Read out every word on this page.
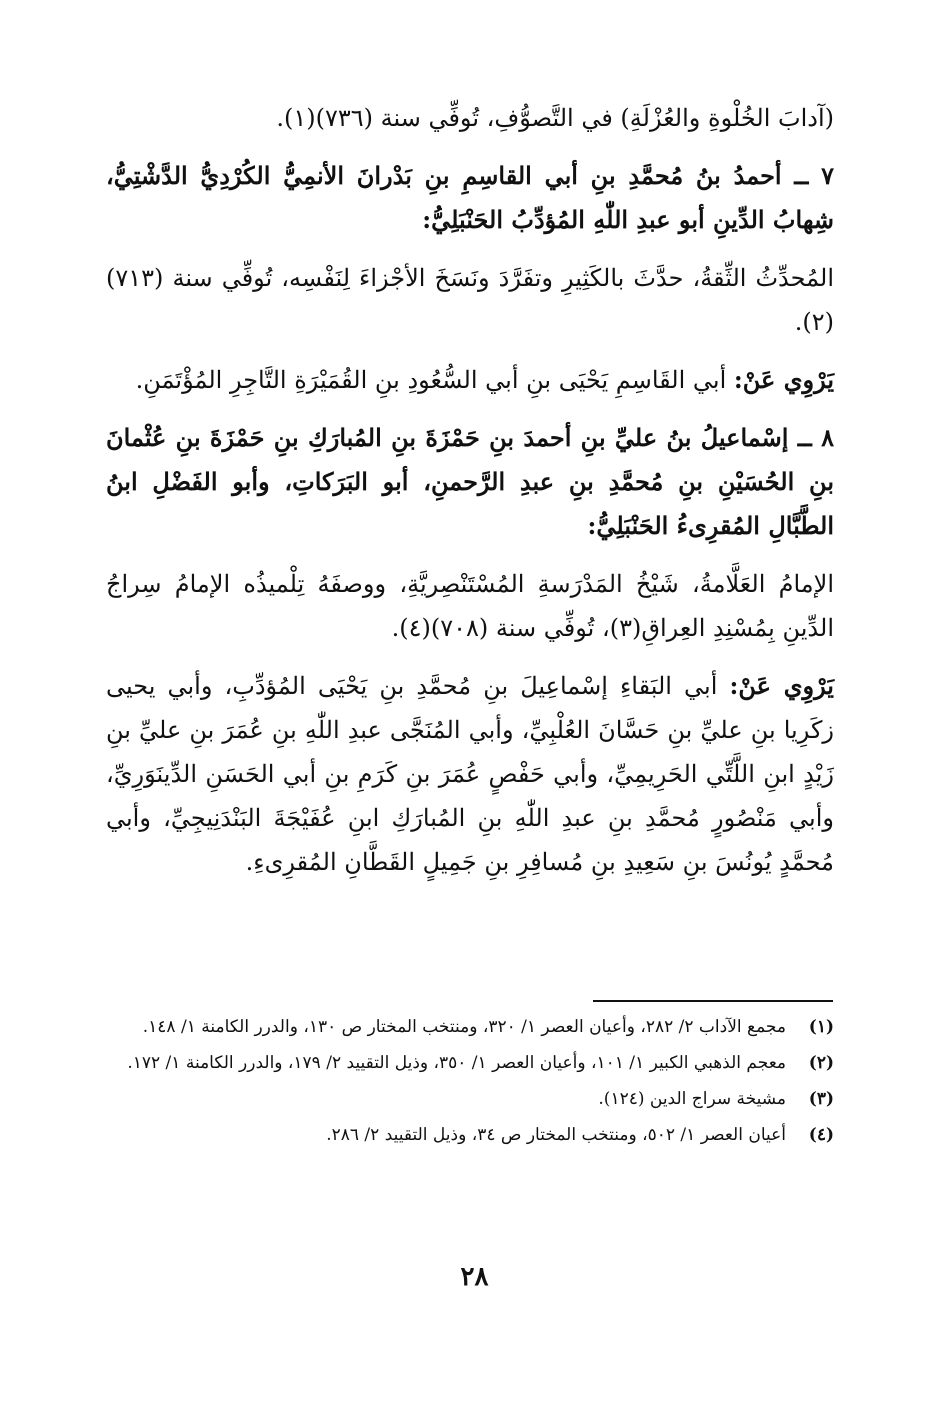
(آدابَ الخُلْوةِ والعُزْلَةِ) في التَّصوُّفِ، تُوفِّي سنة (٧٣٦)(١).

٧ ــ أحمدُ بنُ مُحمَّدِ بنِ أبي القاسِمِ بنِ بَدْرانَ الأنمِيُّ الكُرْدِيُّ الدَّشْتِيُّ، شِهابُ الدِّينِ أبو عبدِ اللّٰهِ المُؤدِّبُ الحَنْبَلِيُّ:

المُحدِّثُ الثِّقةُ، حدَّثَ بالكَثِيرِ وتفَرَّدَ ونَسَخَ الأجْزاءَ لِنَفْسِه، تُوفِّي سنة (٧١٣)(٢).

يَرْوِي عَنْ: أبي القَاسِمِ يَحْيَى بنِ أبي السُّعُودِ بنِ القُمَيْرَةِ التَّاجِرِ المُؤْتَمَنِ.

٨ ــ إسْماعيلُ بنُ عليِّ بنِ أحمدَ بنِ حَمْزَةَ بنِ المُبارَكِ بنِ حَمْزَةَ بنِ عُثْمانَ بنِ الحُسَيْنِ بنِ مُحمَّدِ بنِ عبدِ الرَّحمنِ، أبو البَرَكاتِ، وأبو الفَضْلِ ابنُ الطَّبَّالِ المُقرِىءُ الحَنْبَلِيُّ:

الإمامُ العَلَّامةُ، شَيْخُ المَدْرَسةِ المُسْتَنْصِريَّةِ، ووصفَهُ تِلْميذُه الإمامُ سِراجُ الدِّينِ بِمُسْنِدِ العِراقِ(٣)، تُوفِّي سنة (٧٠٨)(٤).

يَرْوِي عَنْ: أبي البَقاءِ إسْماعِيلَ بنِ مُحمَّدِ بنِ يَحْيَى المُؤدِّبِ، وأبي يحيى زكَرِيا بنِ عليِّ بنِ حَسَّانَ العُلْبِيِّ، وأبي المُنَجَّى عبدِ اللّٰهِ بنِ عُمَرَ بنِ عليِّ بنِ زَيْدٍ ابنِ اللَّتِّي الحَرِيمِيِّ، وأبي حَفْصٍ عُمَرَ بنِ كَرَمِ بنِ أبي الحَسَنِ الدِّينَوَرِيِّ، وأبي مَنْصُورٍ مُحمَّدِ بنِ عبدِ اللّٰهِ بنِ المُبارَكِ ابنِ عُفَيْجَةَ البَنْدَنِيجِيِّ، وأبي مُحمَّدٍ يُونُسَ بنِ سَعِيدِ بنِ مُسافِرِ بنِ جَمِيلٍ القَطَّانِ المُقرِىءِ.

(١)
مجمع الآداب ٢/ ٢٨٢، وأعيان العصر ١/ ٣٢٠، ومنتخب المختار ص ١٣٠، والدرر الكامنة ١/ ١٤٨.
(٢)
معجم الذهبي الكبير ١/ ١٠١، وأعيان العصر ١/ ٣٥٠، وذيل التقييد ٢/ ١٧٩، والدرر الكامنة ١/ ١٧٢.
(٣)
مشيخة سراج الدين (١٢٤).
(٤)
أعيان العصر ١/ ٥٠٢، ومنتخب المختار ص ٣٤، وذيل التقييد ٢/ ٢٨٦.
٢٨
